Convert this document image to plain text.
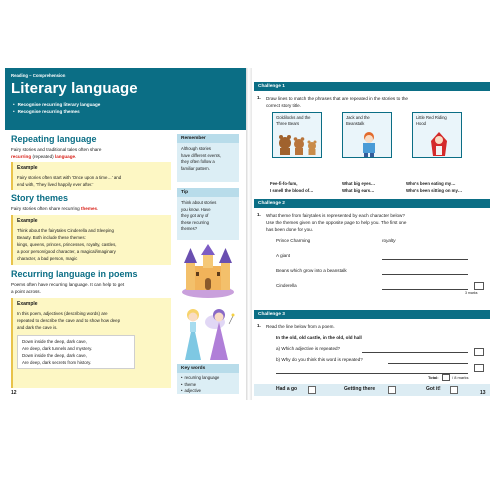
Reading – Comprehension
Literary language
• Recognise recurring literary language
• Recognise recurring themes
Repeating language
Fairy stories and traditional tales often share
recurring (repeated) language.
Example
Fairy stories often start with 'Once upon a time…' and
end with, 'They lived happily ever after.'
Story themes
Fairy stories often share recurring themes.
Example
Think about the fairytales Cinderella and Sleeping
Beauty. Both include these themes:
kings, queens, princes, princesses, royalty, castles,
a poor person/good character, a magical/imaginary
character, a bad person, magic
Recurring language in poems
Poems often have recurring language. It can help to get
a point across.
Example
In this poem, adjectives (describing words) are
repeated to describe the cave and to show how deep
and dark the cave is.
Down inside the deep, dark cave,
Are deep, dark tunnels and mystery.
Down inside the deep, dark cave,
Are deep, dark secrets from history.
Remember
Although stories
have different events,
they often follow a
familiar pattern.
Tip
Think about stories
you know. Have
they got any of
these recurring
themes?
Key words
• recurring language
• theme
• adjective
12
Challenge 1
1. Draw lines to match the phrases that are repeated in the stories to the
correct story title.
Goldilocks and the
Three Bears
Jack and the
Beanstalk
Little Red Riding
Hood
Fee-fi-fo-fum,
I smell the blood of…
What big eyes…
What big ears…
Who's been eating my…
Who's been sitting on my…
Challenge 2
1. What theme from fairytales is represented by each character below?
Use the themes given on the opposite page to help you. The first one
has been done for you.
Prince Charming	royalty
A giant
Beans which grow into a beanstalk
Cinderella
3 marks
Challenge 3
1. Read the line below from a poem.
In the old, old castle, in the old, old hall
a) Which adjective is repeated?
b) Why do you think this word is repeated?
Total:	/ 8 marks
Had a go	Getting there	Got it!
13
